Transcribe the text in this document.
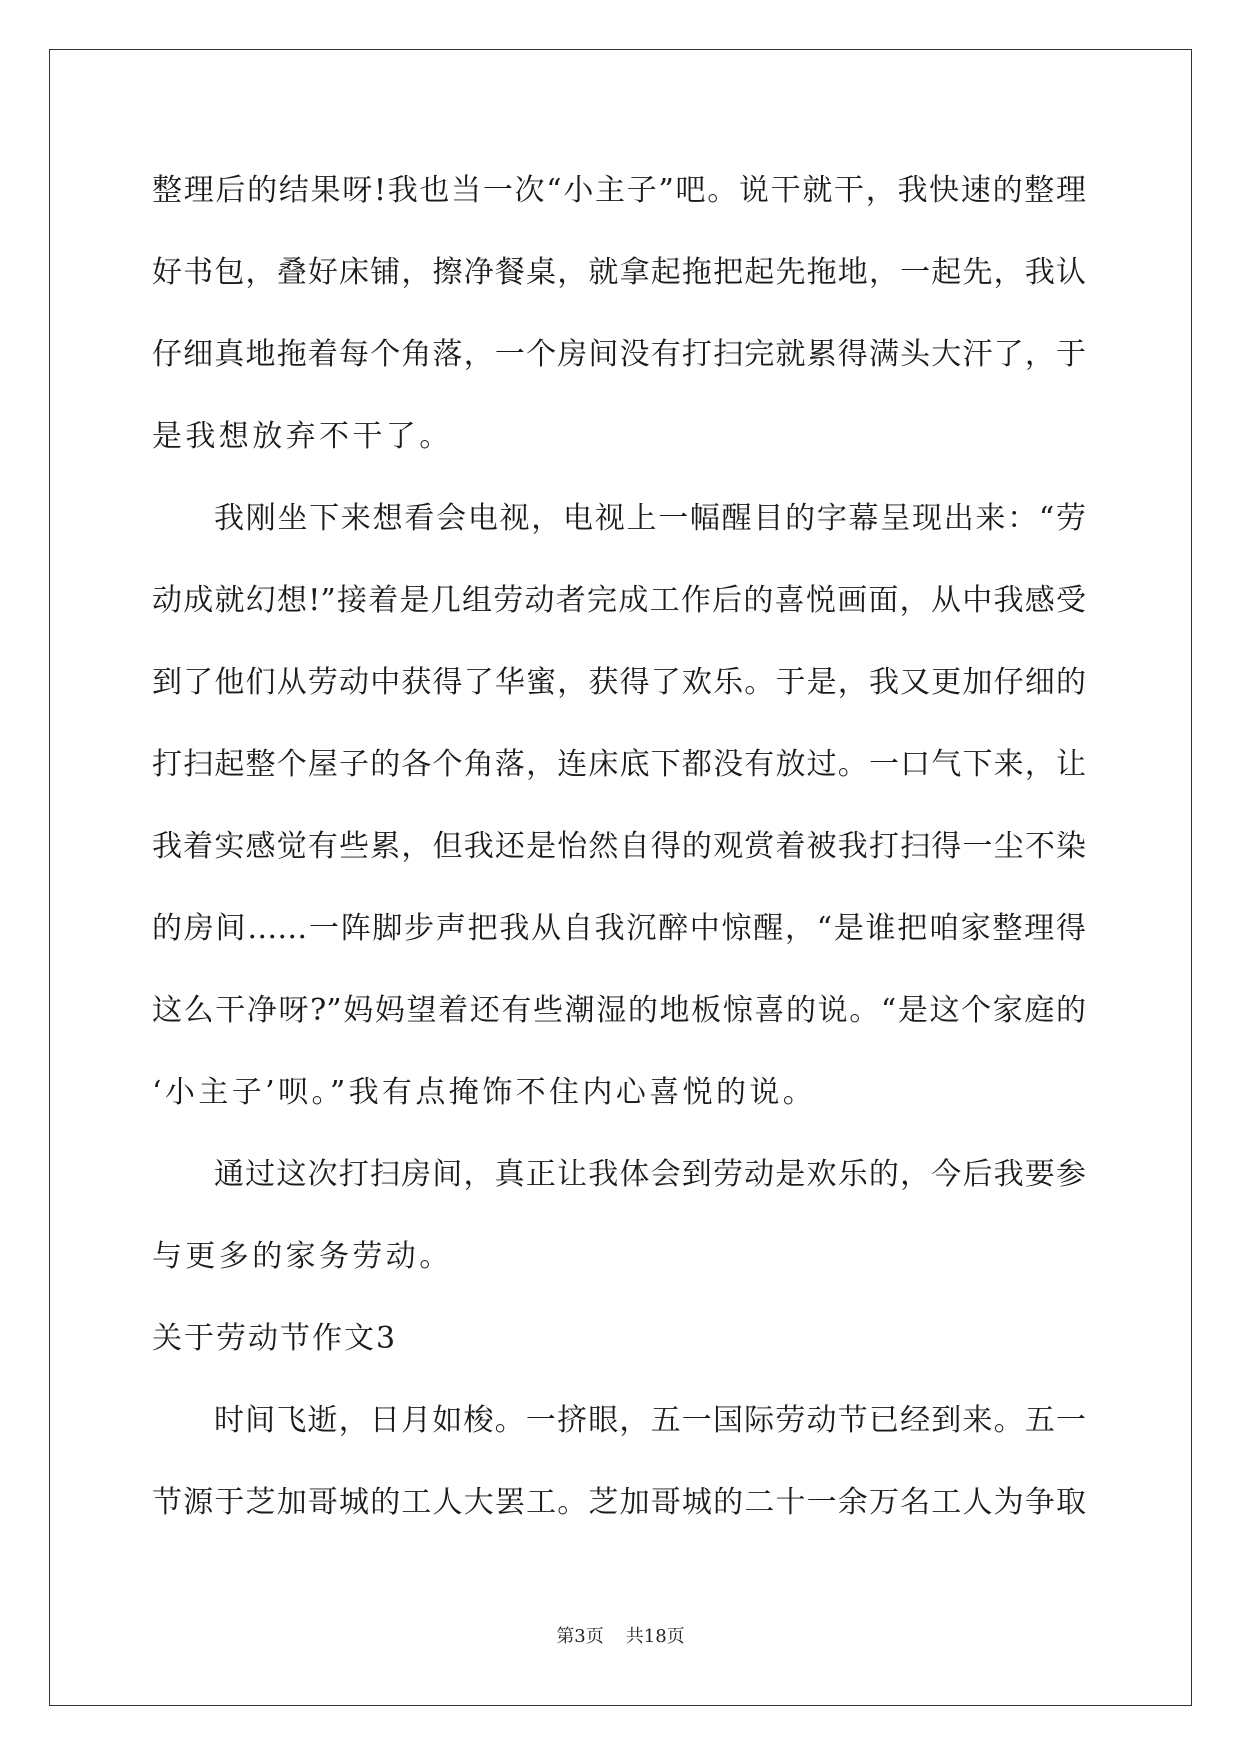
整理后的结果呀!我也当一次“小主子”吧。说干就干，我快速的整理
好书包，叠好床铺，擦净餐桌，就拿起拖把起先拖地，一起先，我认
仔细真地拖着每个角落，一个房间没有打扫完就累得满头大汗了，于
是我想放弃不干了。
我刚坐下来想看会电视，电视上一幅醒目的字幕呈现出来：“劳
动成就幻想!”接着是几组劳动者完成工作后的喜悦画面，从中我感受
到了他们从劳动中获得了华蜜，获得了欢乐。于是，我又更加仔细的
打扫起整个屋子的各个角落，连床底下都没有放过。一口气下来，让
我着实感觉有些累，但我还是怡然自得的观赏着被我打扫得一尘不染
的房间……一阵脚步声把我从自我沉醉中惊醒，“是谁把咱家整理得
这么干净呀?”妈妈望着还有些潮湿的地板惊喜的说。“是这个家庭的
‘小主子’呗。”我有点掩饰不住内心喜悦的说。
通过这次打扫房间，真正让我体会到劳动是欢乐的，今后我要参
与更多的家务劳动。
关于劳动节作文3
时间飞逝，日月如梭。一挤眼，五一国际劳动节已经到来。五一
节源于芝加哥城的工人大罢工。芝加哥城的二十一余万名工人为争取
第3页 共18页
